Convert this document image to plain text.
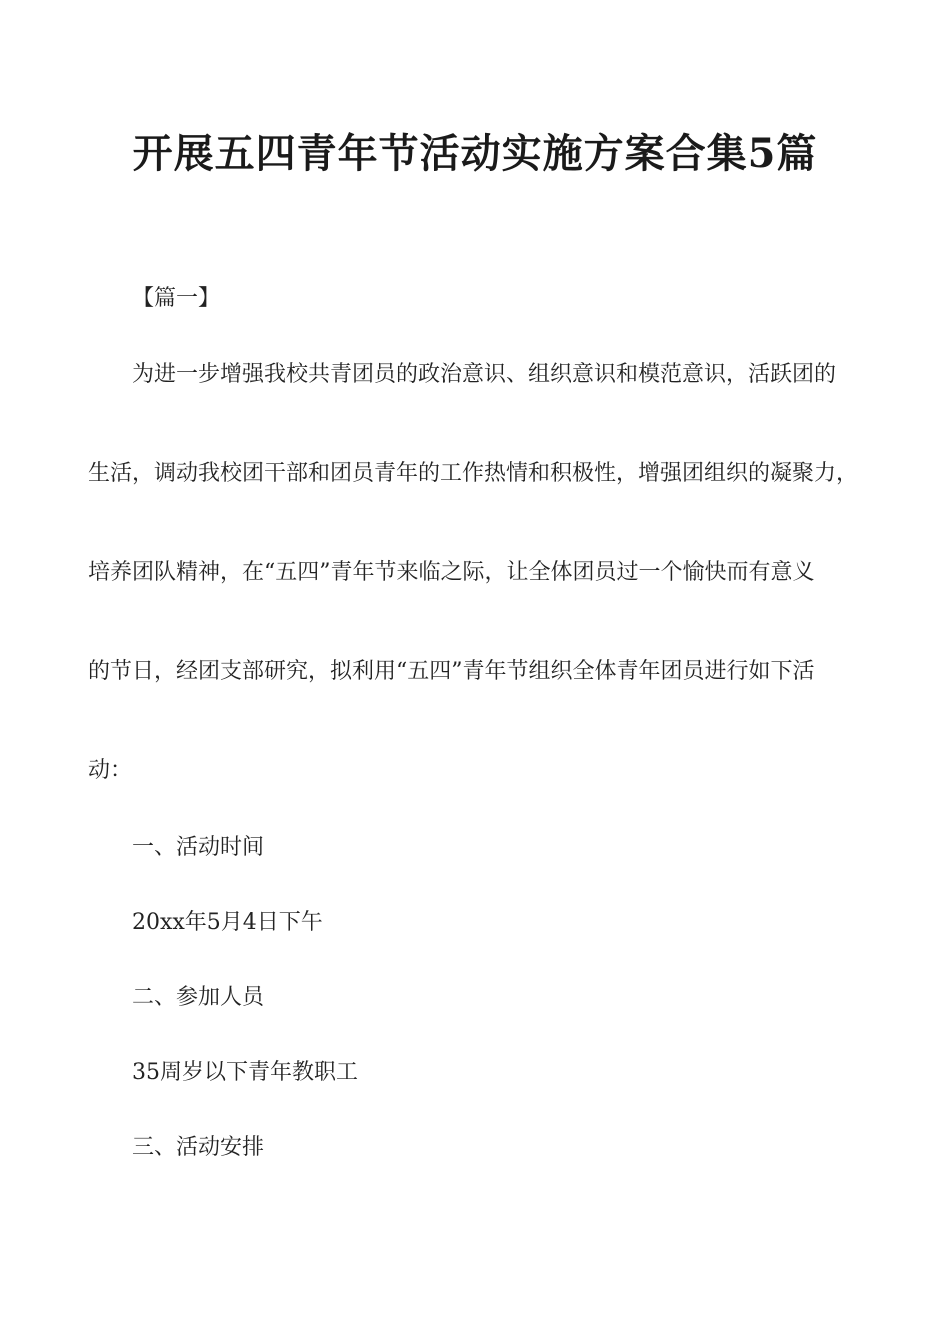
开展五四青年节活动实施方案合集5篇
【篇一】
为进一步增强我校共青团员的政治意识、组织意识和模范意识，活跃团的
生活，调动我校团干部和团员青年的工作热情和积极性，增强团组织的凝聚力，
培养团队精神，在“五四”青年节来临之际，让全体团员过一个愉快而有意义
的节日，经团支部研究，拟利用“五四”青年节组织全体青年团员进行如下活
动：
一、活动时间
20xx年5月4日下午
二、参加人员
35周岁以下青年教职工
三、活动安排
